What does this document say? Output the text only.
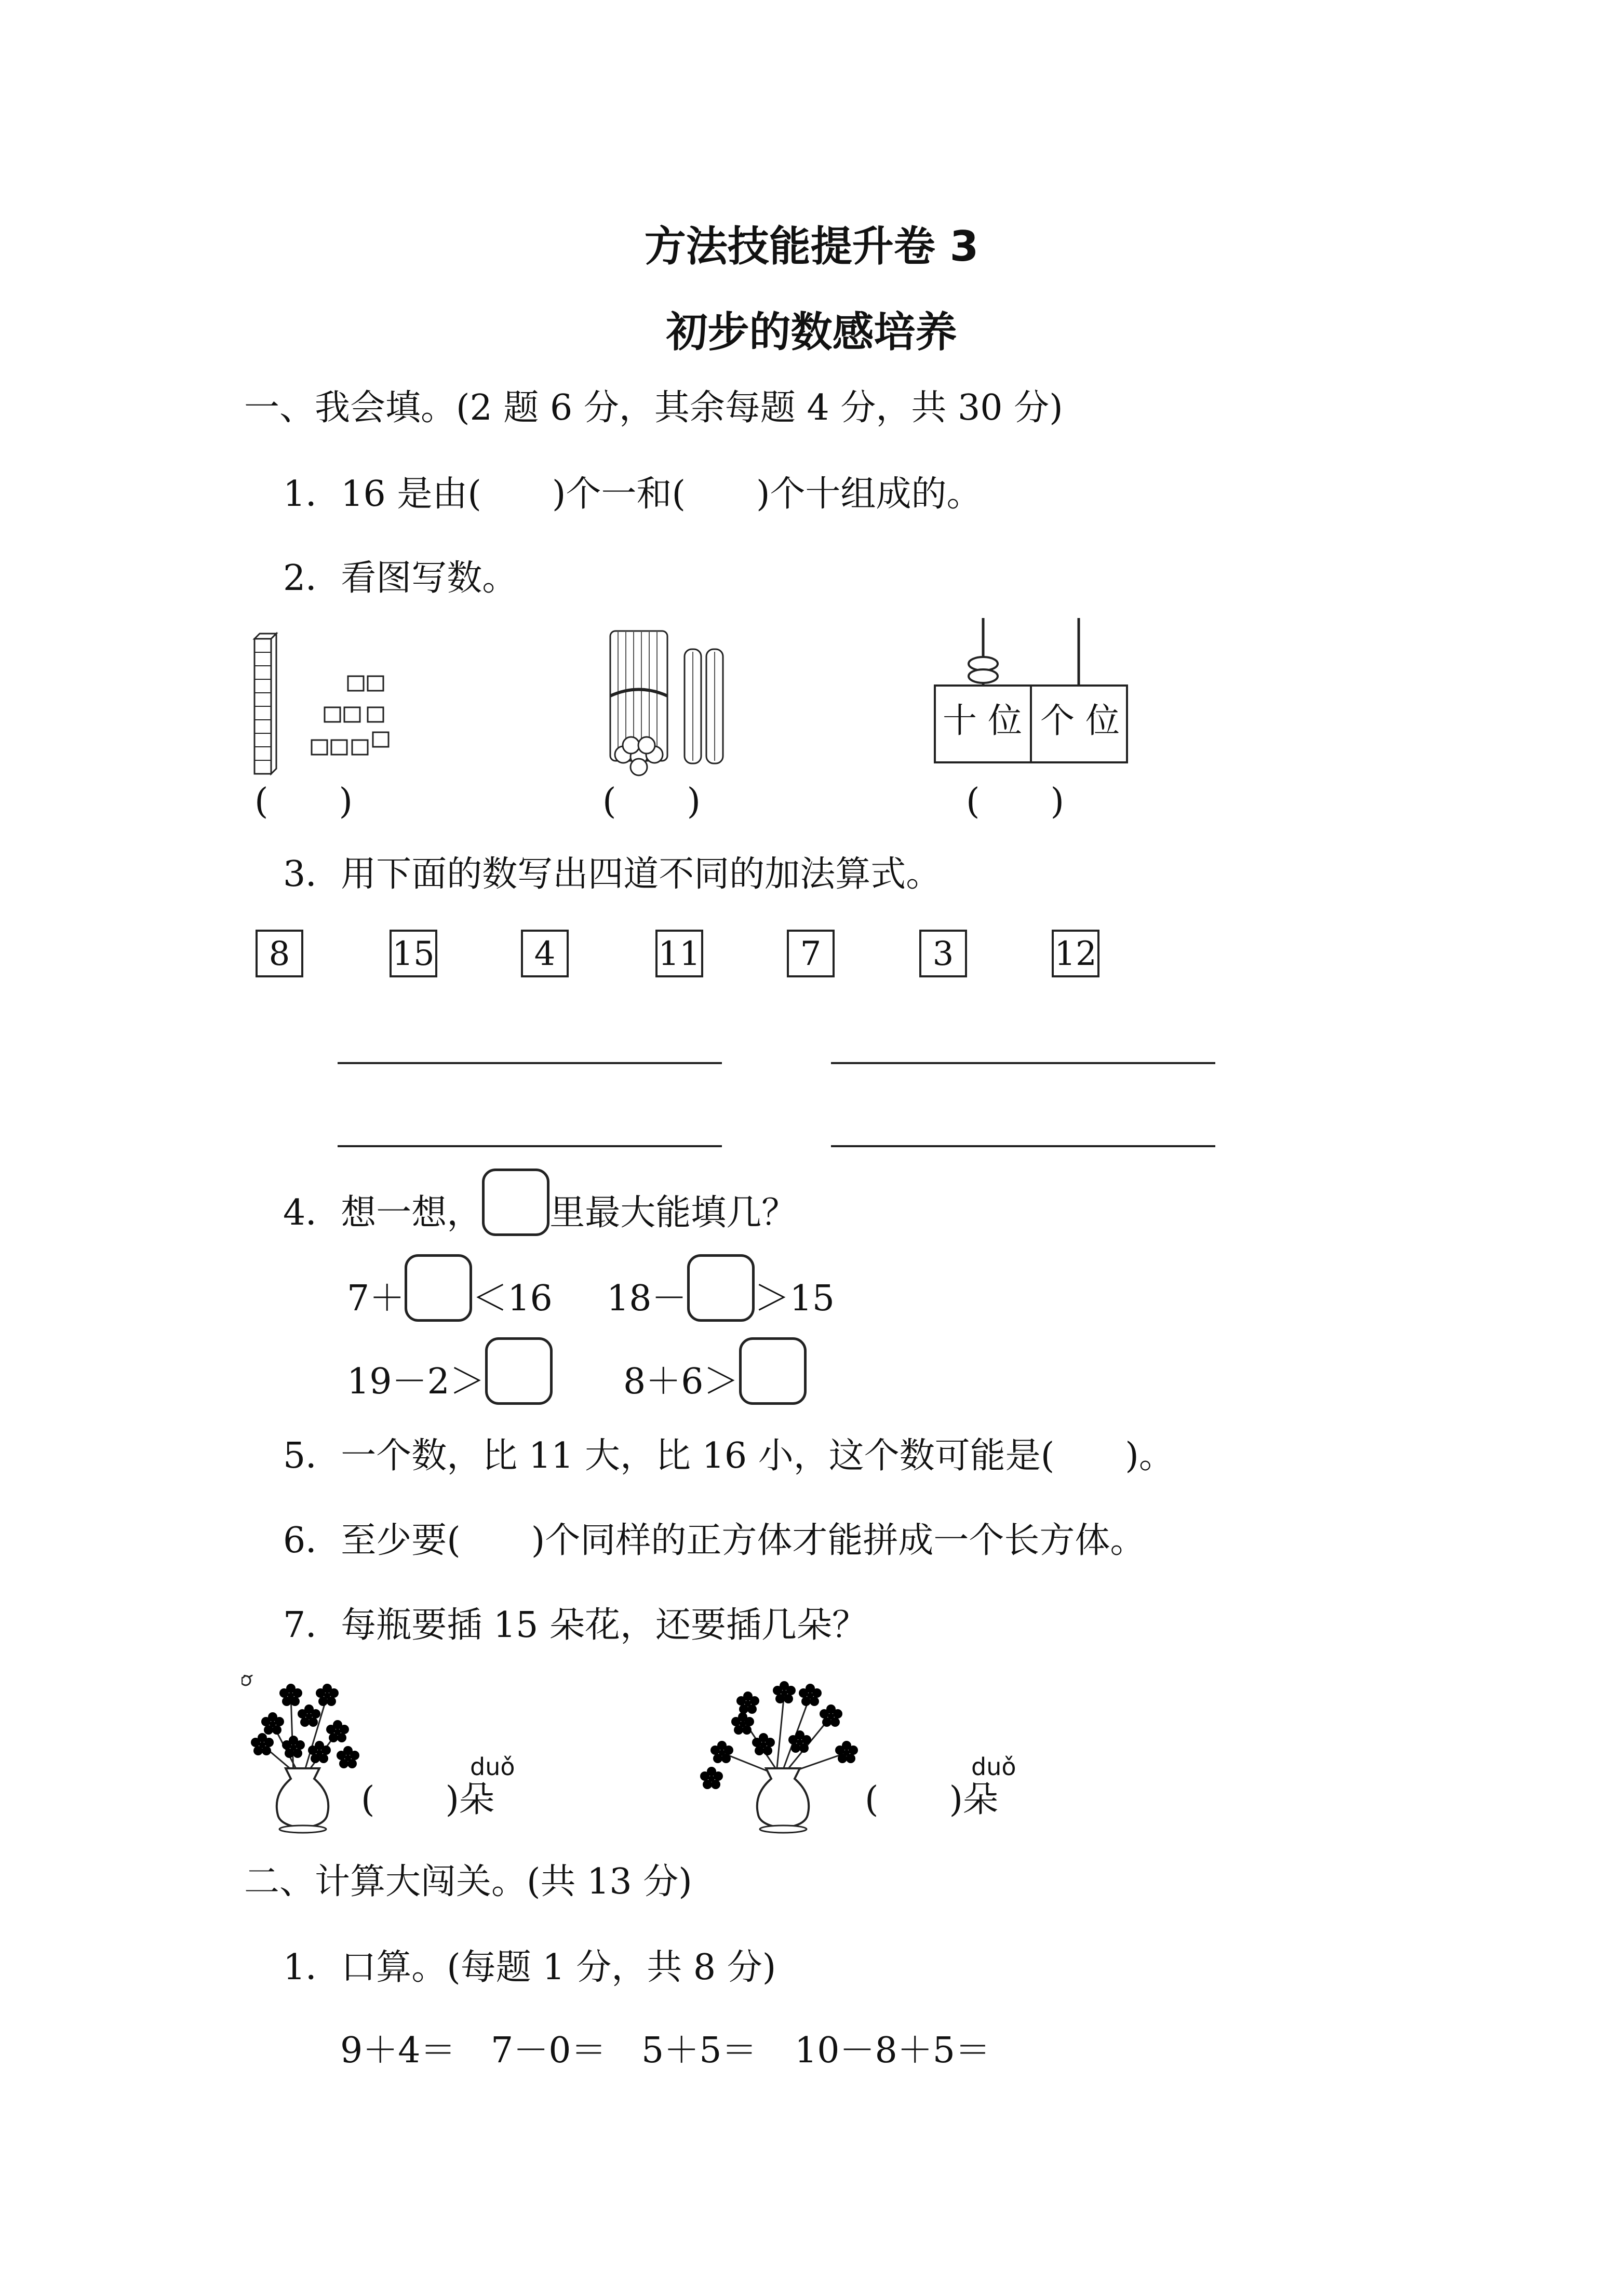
方法技能提升卷 3
初步的数感培养
一、我会填。(2 题 6 分，其余每题 4 分，共 30 分)
1．16 是由(　　)个一和(　　)个十组成的。
2．看图写数。
十 位 个 位
(　　)	(　　)	(　　)
3．用下面的数写出四道不同的加法算式。
8	15	4	11	7	3	12
4．想一想， 里最大能填几？
7＋ ＜16 18－ ＞15
19－2＞	8＋6＞
5．一个数，比 11 大，比 16 小，这个数可能是(　　)。
6．至少要(　　)个同样的正方体才能拼成一个长方体。
7．每瓶要插 15 朵花，还要插几朵？
duǒ
(　　)朵
duǒ
(　　)朵
二、计算大闯关。(共 13 分)
1．口算。(每题 1 分，共 8 分)
9＋4＝ 7－0＝ 5＋5＝ 10－8＋5＝
